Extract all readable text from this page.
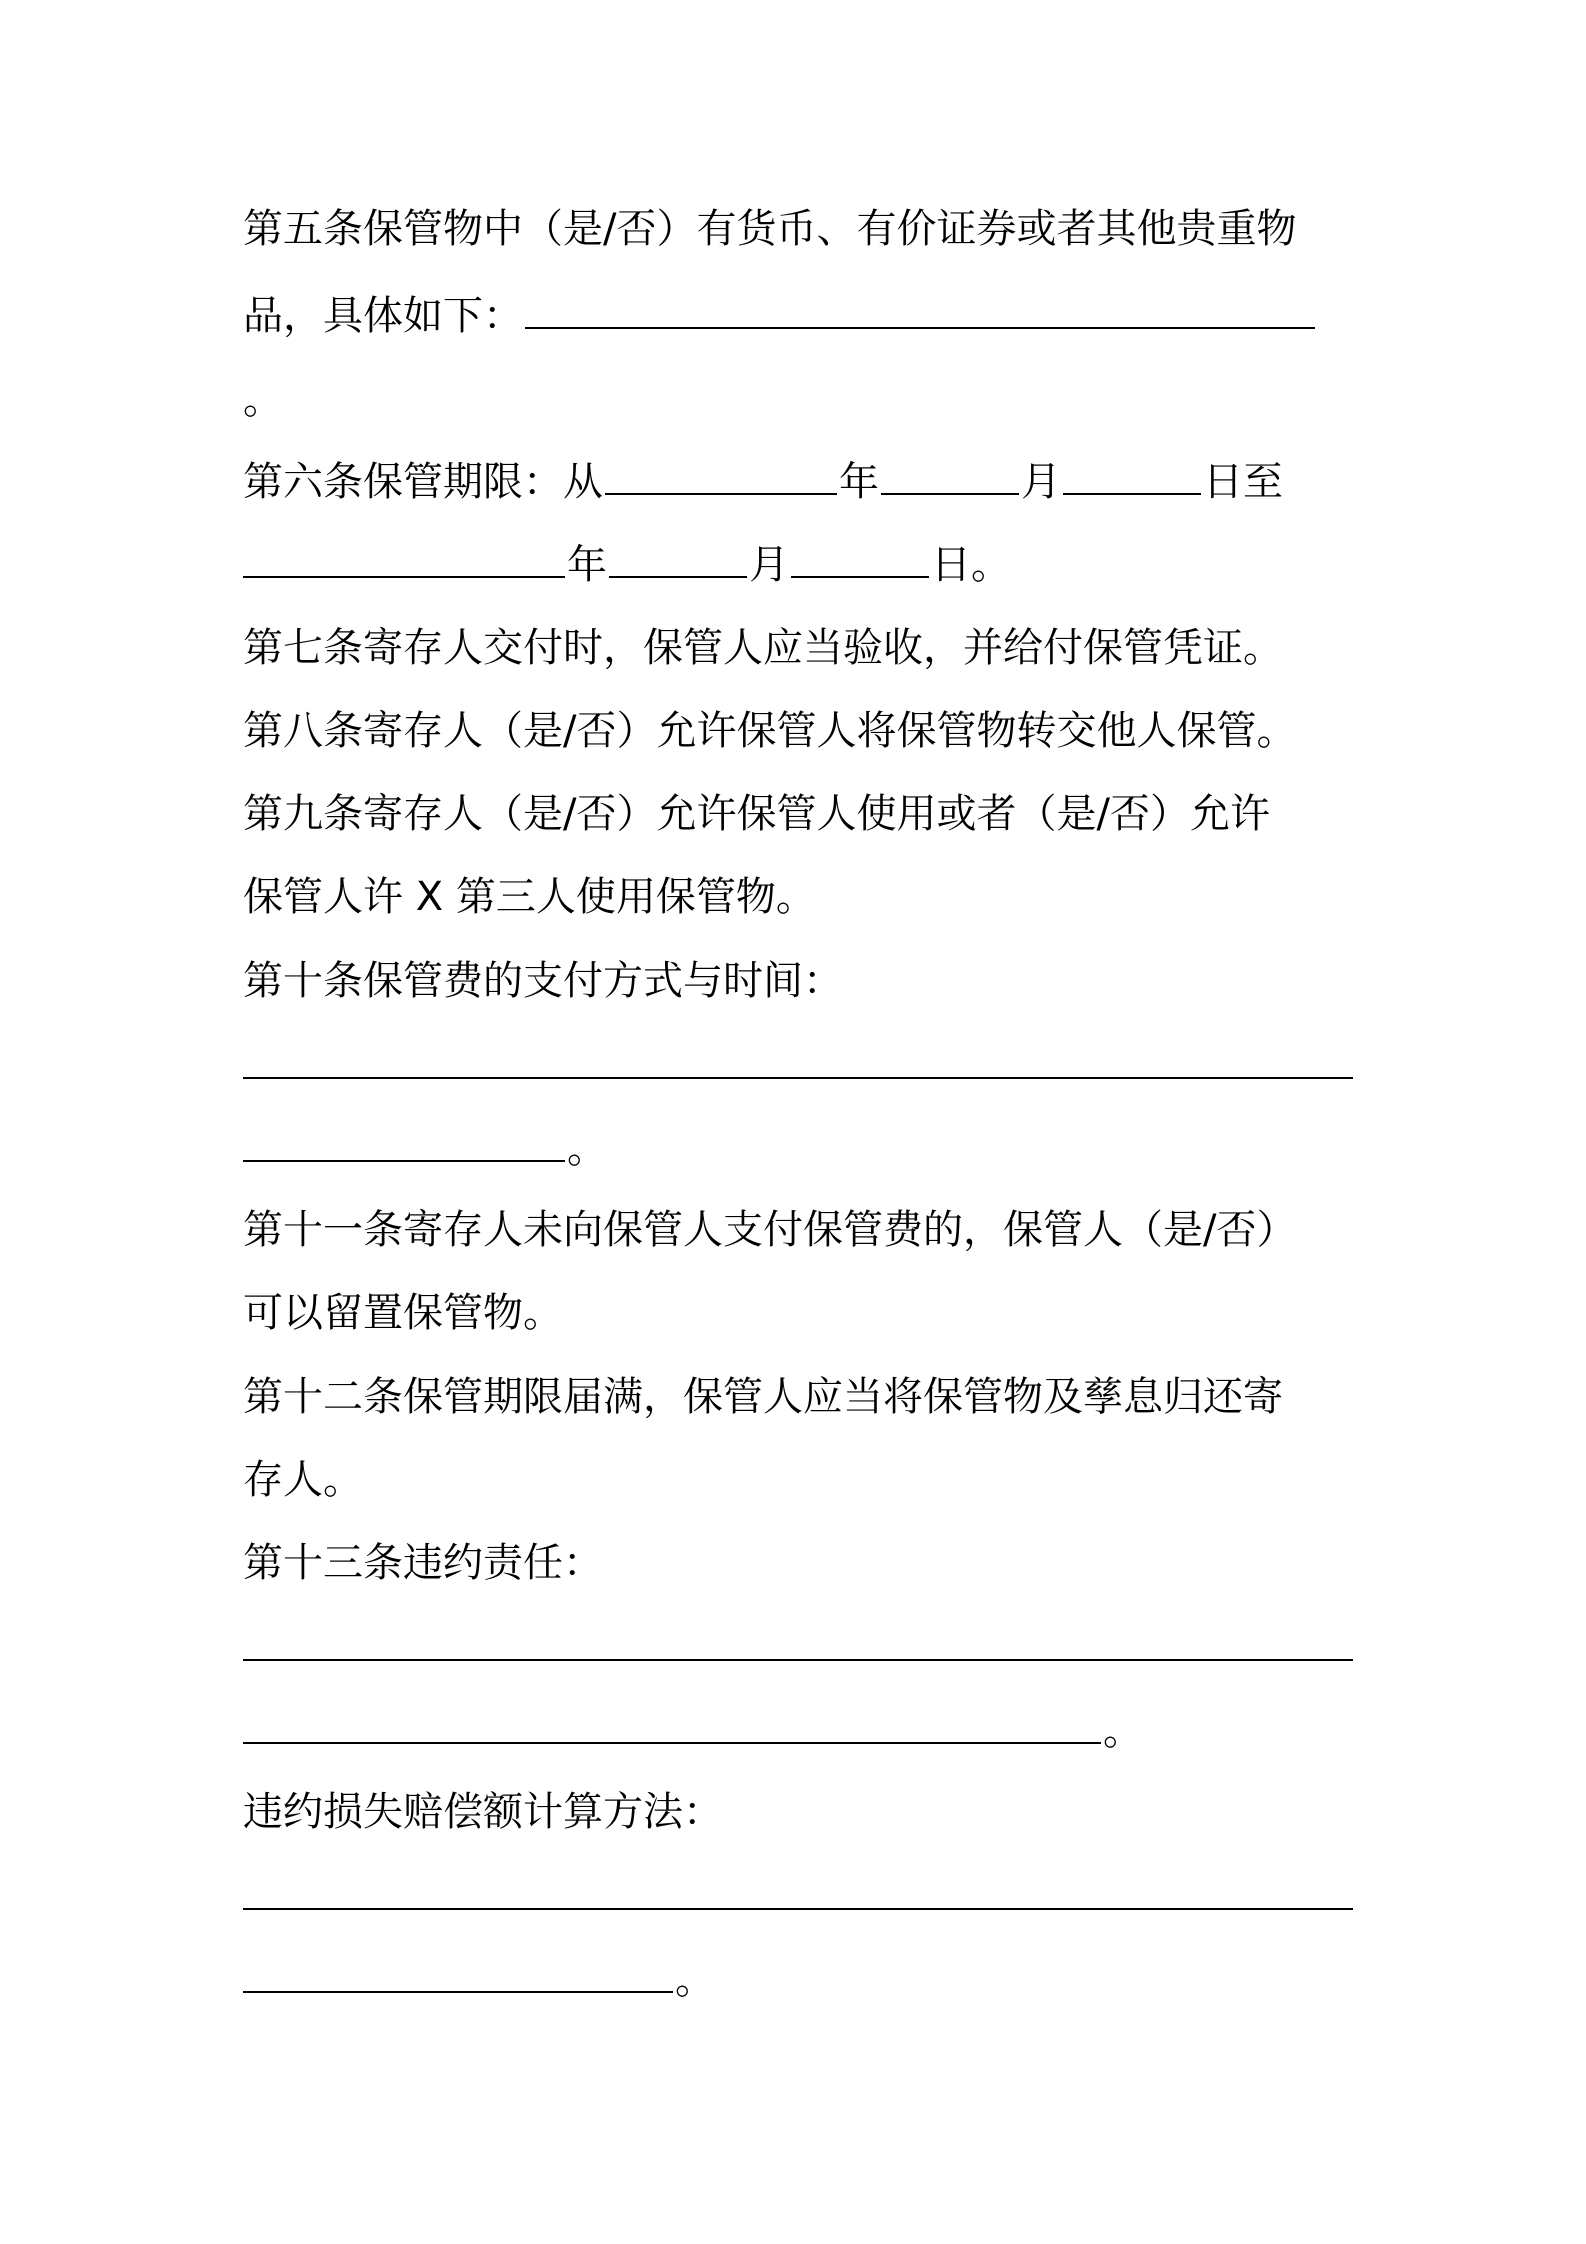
第五条保管物中（是/否）有货币、有价证券或者其他贵重物
品，具体如下：
。
第六条保管期限：从	年	月	日至
年	月	日。
第七条寄存人交付时，保管人应当验收，并给付保管凭证。
第八条寄存人（是/否）允许保管人将保管物转交他人保管。
第九条寄存人（是/否）允许保管人使用或者（是/否）允许
保管人许 X 第三人使用保管物。
第十条保管费的支付方式与时间：
。
第十一条寄存人未向保管人支付保管费的，保管人（是/否）
可以留置保管物。
第十二条保管期限届满，保管人应当将保管物及孳息归还寄
存人。
第十三条违约责任：
。
违约损失赔偿额计算方法：
。
